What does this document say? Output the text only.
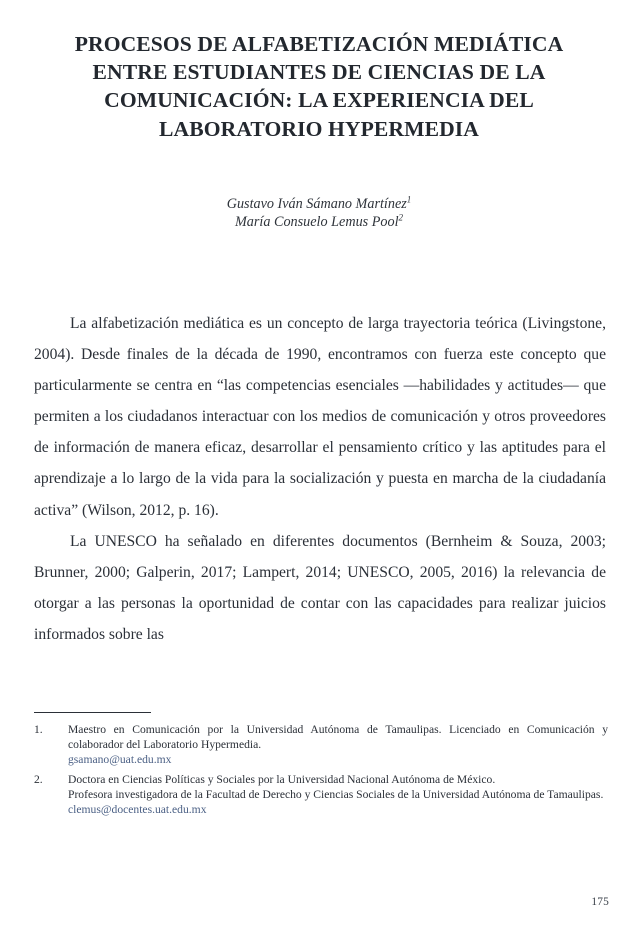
PROCESOS DE ALFABETIZACIÓN MEDIÁTICA
ENTRE ESTUDIANTES DE CIENCIAS DE LA
COMUNICACIÓN: LA EXPERIENCIA DEL
LABORATORIO HYPERMEDIA
Gustavo Iván Sámano Martínez$^1$
María Consuelo Lemus Pool$^2$

La alfabetización mediática es un concepto de larga trayectoria teórica (Livingstone, 2004). Desde finales de la década de 1990, encontramos con fuerza este concepto que particularmente se centra en “las competencias esenciales —habilidades y actitudes— que permiten a los ciudadanos interactuar con los medios de comunicación y otros proveedores de información de manera eficaz, desarrollar el pensamiento crítico y las aptitudes para el aprendizaje a lo largo de la vida para la socialización y puesta en marcha de la ciudadanía activa” (Wilson, 2012, p. 16).

La UNESCO ha señalado en diferentes documentos (Bernheim & Souza, 2003; Brunner, 2000; Galperin, 2017; Lampert, 2014; UNESCO, 2005, 2016) la relevancia de otorgar a las personas la oportunidad de contar con las capacidades para realizar juicios informados sobre las

1.	Maestro en Comunicación por la Universidad Autónoma de Tamaulipas. Licenciado en Comunicación y colaborador del Laboratorio Hypermedia.
gsamano@uat.edu.mx
2.	Doctora en Ciencias Políticas y Sociales por la Universidad Nacional Autónoma de México.
Profesora investigadora de la Facultad de Derecho y Ciencias Sociales de la Universidad Autónoma de Tamaulipas.
clemus@docentes.uat.edu.mx
175
